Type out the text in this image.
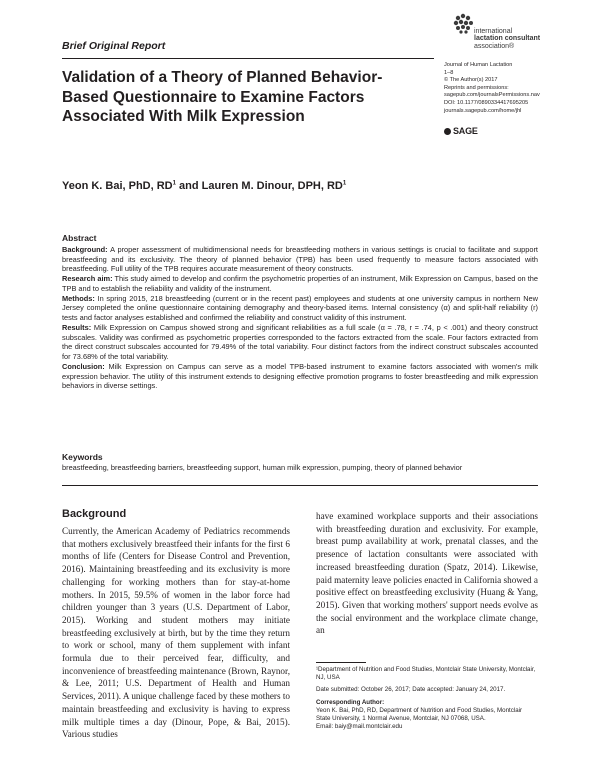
Brief Original Report
international
lactation consultant
association®
Journal of Human Lactation
1–8
© The Author(s) 2017
Reprints and permissions:
sagepub.com/journalsPermissions.nav
DOI: 10.1177/0890334417695205
journals.sagepub.com/home/jhl
SAGE
Validation of a Theory of Planned Behavior-Based Questionnaire to Examine Factors Associated With Milk Expression
Yeon K. Bai, PhD, $RD^1$ and Lauren M. Dinour, DPH, $RD^1$
Abstract

Background: A proper assessment of multidimensional needs for breastfeeding mothers in various settings is crucial to facilitate and support breastfeeding and its exclusivity. The theory of planned behavior (TPB) has been used frequently to measure factors associated with breastfeeding. Full utility of the TPB requires accurate measurement of theory constructs.

Research aim: This study aimed to develop and confirm the psychometric properties of an instrument, Milk Expression on Campus, based on the TPB and to establish the reliability and validity of the instrument.

Methods: In spring 2015, 218 breastfeeding (current or in the recent past) employees and students at one university campus in northern New Jersey completed the online questionnaire containing demography and theory-based items. Internal consistency (α) and split-half reliability (r) tests and factor analyses established and confirmed the reliability and construct validity of this instrument.

Results: Milk Expression on Campus showed strong and significant reliabilities as a full scale (α = .78, r = .74, p < .001) and theory construct subscales. Validity was confirmed as psychometric properties corresponded to the factors extracted from the scale. Four factors extracted from the direct construct subscales accounted for 79.49% of the total variability. Four distinct factors from the indirect construct subscales accounted for 73.68% of the total variability.

Conclusion: Milk Expression on Campus can serve as a model TPB-based instrument to examine factors associated with women's milk expression behavior. The utility of this instrument extends to designing effective promotion programs to foster breastfeeding and milk expression behaviors in diverse settings.

Keywords
breastfeeding, breastfeeding barriers, breastfeeding support, human milk expression, pumping, theory of planned behavior
Background
Currently, the American Academy of Pediatrics recommends that mothers exclusively breastfeed their infants for the first 6 months of life (Centers for Disease Control and Prevention, 2016). Maintaining breastfeeding and its exclusivity is more challenging for working mothers than for stay-at-home mothers. In 2015, 59.5% of women in the labor force had children younger than 3 years (U.S. Department of Labor, 2015). Working and student mothers may initiate breastfeeding exclusively at birth, but by the time they return to work or school, many of them supplement with infant formula due to their perceived fear, difficulty, and inconvenience of breastfeeding maintenance (Brown, Raynor, & Lee, 2011; U.S. Department of Health and Human Services, 2011). A unique challenge faced by these mothers to maintain breastfeeding and exclusivity is having to express milk multiple times a day (Dinour, Pope, & Bai, 2015). Various studies
have examined workplace supports and their associations with breastfeeding duration and exclusivity. For example, breast pump availability at work, prenatal classes, and the presence of lactation consultants were associated with increased breastfeeding duration (Spatz, 2014). Likewise, paid maternity leave policies enacted in California showed a positive effect on breastfeeding exclusivity (Huang & Yang, 2015). Given that working mothers' support needs evolve as the social environment and the workplace climate change, an

¹Department of Nutrition and Food Studies, Montclair State University, Montclair, NJ, USA

Date submitted: October 26, 2017; Date accepted: January 24, 2017.

Corresponding Author:
Yeon K. Bai, PhD, RD, Department of Nutrition and Food Studies, Montclair State University, 1 Normal Avenue, Montclair, NJ 07068, USA.
Email: baiy@mail.montclair.edu
